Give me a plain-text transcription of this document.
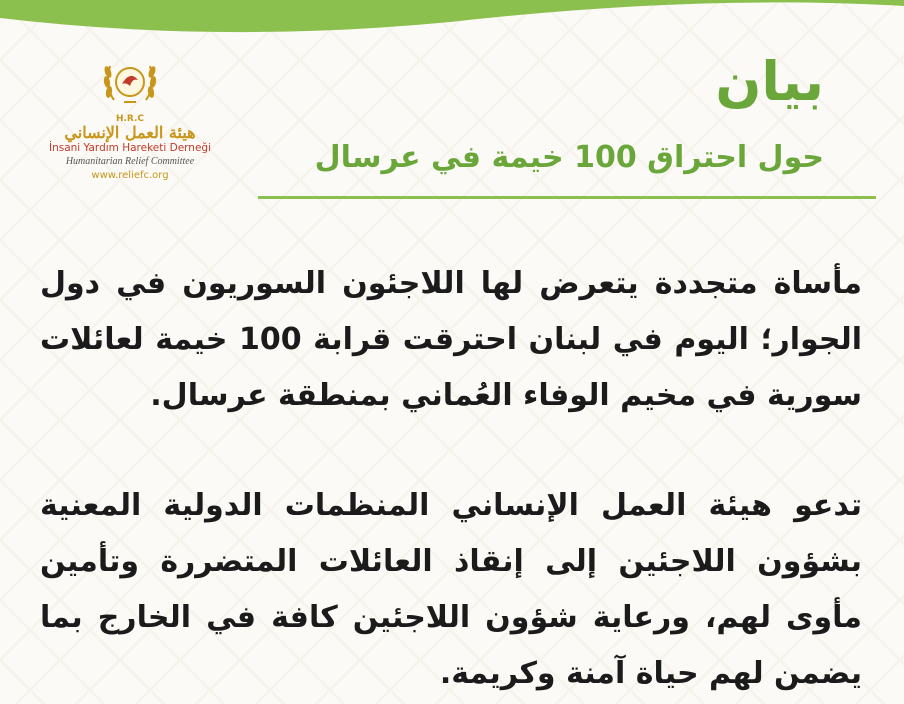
H.R.C
هيئة العمل الإنساني
İnsani Yardım Hareketi Derneği
Humanitarian Relief Committee
www.reliefc.org
بيان
حول احتراق 100 خيمة في عرسال
مأساة متجددة يتعرض لها اللاجئون السوريون في دول الجوار؛ اليوم في لبنان احترقت قرابة 100 خيمة لعائلات سورية في مخيم الوفاء العُماني بمنطقة عرسال.
تدعو هيئة العمل الإنساني المنظمات الدولية المعنية بشؤون اللاجئين إلى إنقاذ العائلات المتضررة وتأمين مأوى لهم، ورعاية شؤون اللاجئين كافة في الخارج بما يضمن لهم حياة آمنة وكريمة.
